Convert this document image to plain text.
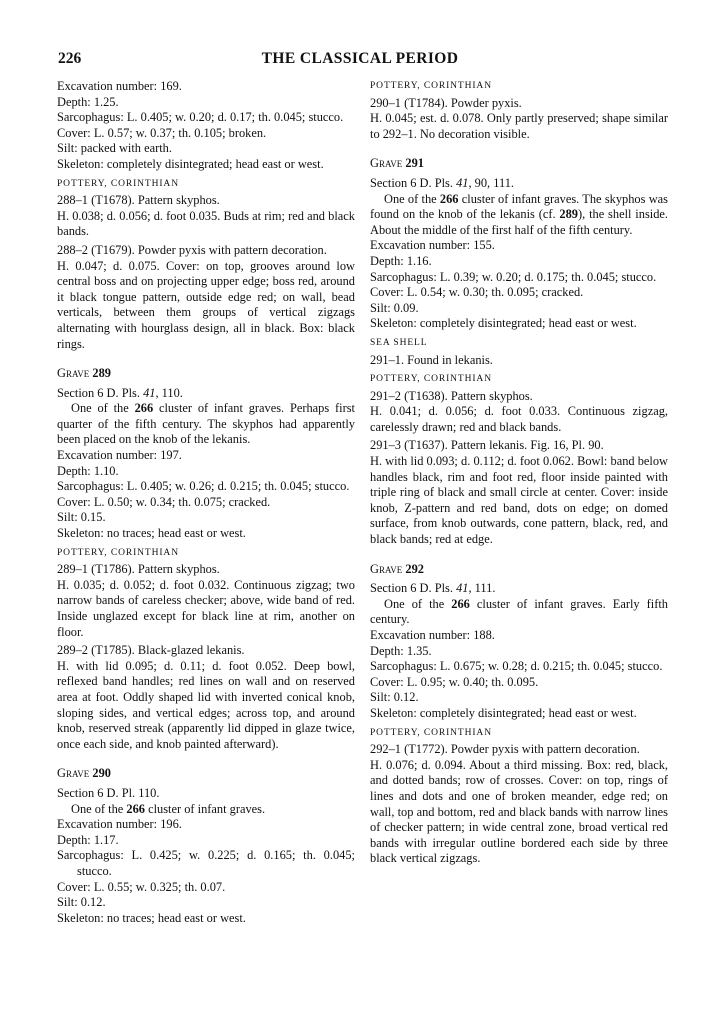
226	THE CLASSICAL PERIOD

Excavation number: 169.

Depth: 1.25.

Sarcophagus: L. 0.405; w. 0.20; d. 0.17; th. 0.045; stucco.

Cover: L. 0.57; w. 0.37; th. 0.105; broken.

Silt: packed with earth.

Skeleton: completely disintegrated; head east or west.

POTTERY, CORINTHIAN

288–1 (T1678). Pattern skyphos.

H. 0.038; d. 0.056; d. foot 0.035. Buds at rim; red and black bands.

288–2 (T1679). Powder pyxis with pattern decoration.

H. 0.047; d. 0.075. Cover: on top, grooves around low central boss and on projecting upper edge; boss red, around it black tongue pattern, outside edge red; on wall, bead verticals, between them groups of vertical zigzags alternating with hourglass design, all in black. Box: black rings.

Grave 289

Section 6 D. Pls. 41, 110.

One of the 266 cluster of infant graves. Perhaps first quarter of the fifth century. The skyphos had apparently been placed on the knob of the lekanis.

Excavation number: 197.

Depth: 1.10.

Sarcophagus: L. 0.405; w. 0.26; d. 0.215; th. 0.045; stucco.

Cover: L. 0.50; w. 0.34; th. 0.075; cracked.

Silt: 0.15.

Skeleton: no traces; head east or west.

POTTERY, CORINTHIAN

289–1 (T1786). Pattern skyphos.

H. 0.035; d. 0.052; d. foot 0.032. Continuous zigzag; two narrow bands of careless checker; above, wide band of red. Inside unglazed except for black line at rim, another on floor.

289–2 (T1785). Black-glazed lekanis.

H. with lid 0.095; d. 0.11; d. foot 0.052. Deep bowl, reflexed band handles; red lines on wall and on reserved area at foot. Oddly shaped lid with inverted conical knob, sloping sides, and vertical edges; across top, and around knob, reserved streak (apparently lid dipped in glaze twice, once each side, and knob painted afterward).

Grave 290

Section 6 D. Pl. 110.

One of the 266 cluster of infant graves.

Excavation number: 196.

Depth: 1.17.

Sarcophagus: L. 0.425; w. 0.225; d. 0.165; th. 0.045; stucco.

Cover: L. 0.55; w. 0.325; th. 0.07.

Silt: 0.12.

Skeleton: no traces; head east or west.

POTTERY, CORINTHIAN

290–1 (T1784). Powder pyxis.

H. 0.045; est. d. 0.078. Only partly preserved; shape similar to 292–1. No decoration visible.

Grave 291

Section 6 D. Pls. 41, 90, 111.

One of the 266 cluster of infant graves. The skyphos was found on the knob of the lekanis (cf. 289), the shell inside. About the middle of the first half of the fifth century.

Excavation number: 155.

Depth: 1.16.

Sarcophagus: L. 0.39; w. 0.20; d. 0.175; th. 0.045; stucco.

Cover: L. 0.54; w. 0.30; th. 0.095; cracked.

Silt: 0.09.

Skeleton: completely disintegrated; head east or west.

SEA SHELL

291–1. Found in lekanis.

POTTERY, CORINTHIAN

291–2 (T1638). Pattern skyphos.

H. 0.041; d. 0.056; d. foot 0.033. Continuous zigzag, carelessly drawn; red and black bands.

291–3 (T1637). Pattern lekanis. Fig. 16, Pl. 90.

H. with lid 0.093; d. 0.112; d. foot 0.062. Bowl: band below handles black, rim and foot red, floor inside painted with triple ring of black and small circle at center. Cover: inside knob, Z-pattern and red band, dots on edge; on domed surface, from knob outwards, cone pattern, black, red, and black bands; red at edge.

Grave 292

Section 6 D. Pls. 41, 111.

One of the 266 cluster of infant graves. Early fifth century.

Excavation number: 188.

Depth: 1.35.

Sarcophagus: L. 0.675; w. 0.28; d. 0.215; th. 0.045; stucco.

Cover: L. 0.95; w. 0.40; th. 0.095.

Silt: 0.12.

Skeleton: completely disintegrated; head east or west.

POTTERY, CORINTHIAN

292–1 (T1772). Powder pyxis with pattern decoration.

H. 0.076; d. 0.094. About a third missing. Box: red, black, and dotted bands; row of crosses. Cover: on top, rings of lines and dots and one of broken meander, edge red; on wall, top and bottom, red and black bands with narrow lines of checker pattern; in wide central zone, broad vertical red bands with irregular outline bordered each side by three black vertical zigzags.
